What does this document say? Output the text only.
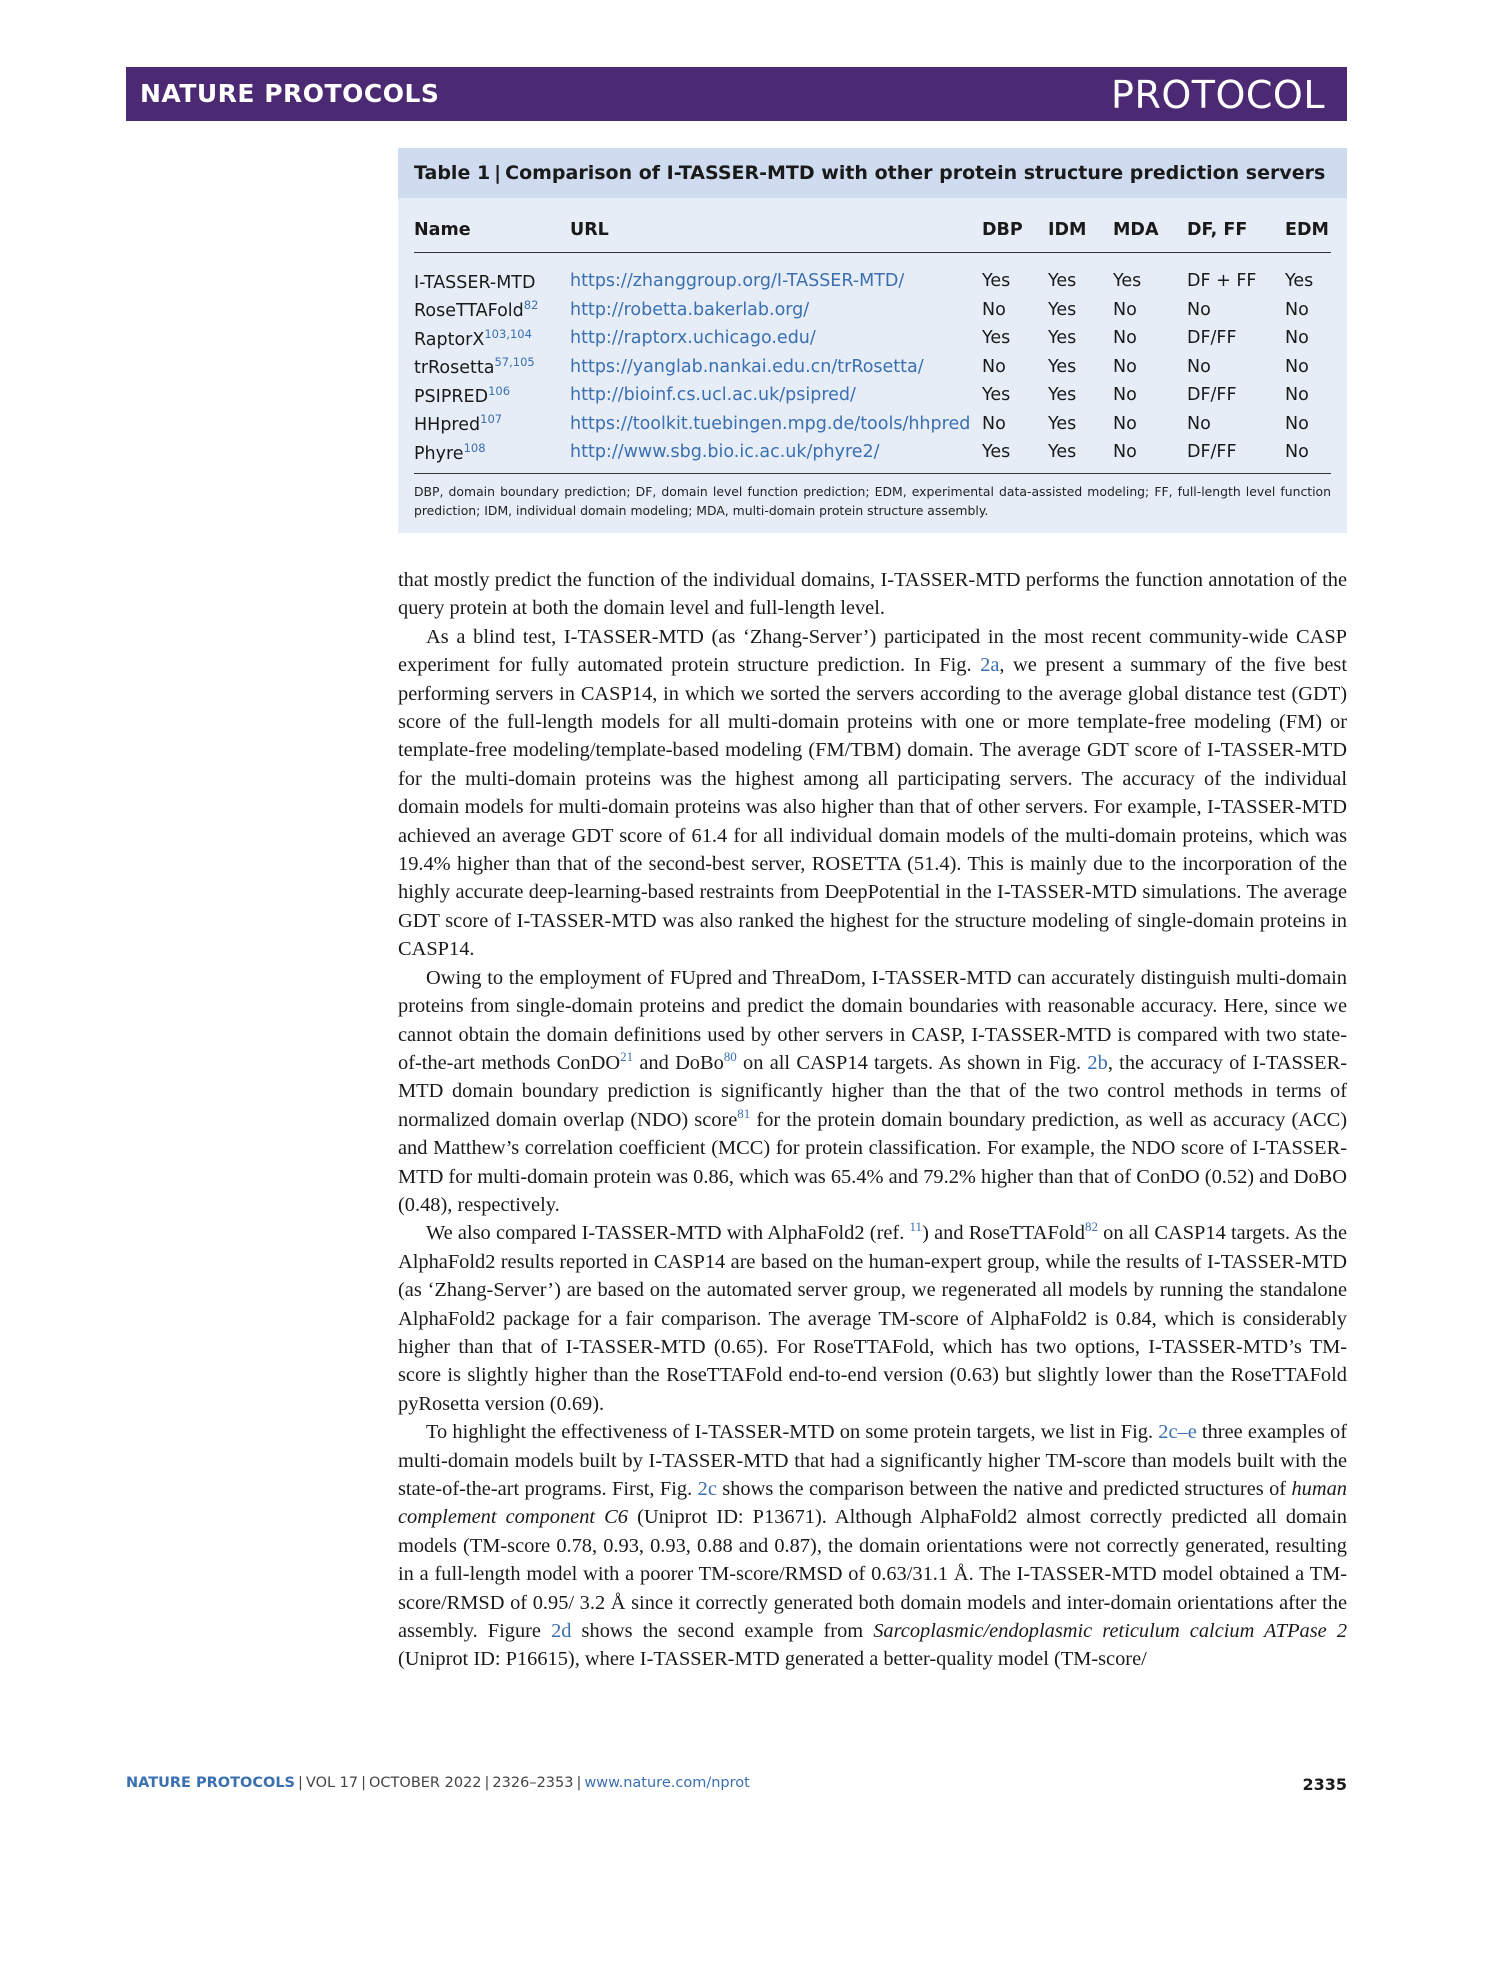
NATURE PROTOCOLS	PROTOCOL
Table 1 | Comparison of I-TASSER-MTD with other protein structure prediction servers
Name	URL	DBP	IDM	MDA	DF, FF	EDM
I-TASSER-MTD	https://zhanggroup.org/I-TASSER-MTD/	Yes	Yes	Yes	DF + FF	Yes
RoseTTAFold$^{82}$	http://robetta.bakerlab.org/	No	Yes	No	No	No
RaptorX$^{103,104}$	http://raptorx.uchicago.edu/	Yes	Yes	No	DF/FF	No
trRosetta$^{57,105}$	https://yanglab.nankai.edu.cn/trRosetta/	No	Yes	No	No	No
PSIPRED$^{106}$	http://bioinf.cs.ucl.ac.uk/psipred/	Yes	Yes	No	DF/FF	No
HHpred$^{107}$	https://toolkit.tuebingen.mpg.de/tools/hhpred	No	Yes	No	No	No
Phyre$^{108}$	http://www.sbg.bio.ic.ac.uk/phyre2/	Yes	Yes	No	DF/FF	No
DBP, domain boundary prediction; DF, domain level function prediction; EDM, experimental data-assisted modeling; FF, full-length level function prediction; IDM, individual domain modeling; MDA, multi-domain protein structure assembly.

that mostly predict the function of the individual domains, I-TASSER-MTD performs the function annotation of the query protein at both the domain level and full-length level.

As a blind test, I-TASSER-MTD (as ‘Zhang-Server’) participated in the most recent community-wide CASP experiment for fully automated protein structure prediction. In Fig. 2a, we present a summary of the five best performing servers in CASP14, in which we sorted the servers according to the average global distance test (GDT) score of the full-length models for all multi-domain proteins with one or more template-free modeling (FM) or template-free modeling/template-based modeling (FM/TBM) domain. The average GDT score of I-TASSER-MTD for the multi-domain proteins was the highest among all participating servers. The accuracy of the individual domain models for multi-domain proteins was also higher than that of other servers. For example, I-TASSER-MTD achieved an average GDT score of 61.4 for all individual domain models of the multi-domain proteins, which was 19.4% higher than that of the second-best server, ROSETTA (51.4). This is mainly due to the incorporation of the highly accurate deep-learning-based restraints from DeepPotential in the I-TASSER-MTD simulations. The average GDT score of I-TASSER-MTD was also ranked the highest for the structure modeling of single-domain proteins in CASP14.

Owing to the employment of FUpred and ThreaDom, I-TASSER-MTD can accurately distinguish multi-domain proteins from single-domain proteins and predict the domain boundaries with reasonable accuracy. Here, since we cannot obtain the domain definitions used by other servers in CASP, I-TASSER-MTD is compared with two state-of-the-art methods ConDO$^{21}$ and DoBo$^{80}$ on all CASP14 targets. As shown in Fig. 2b, the accuracy of I-TASSER-MTD domain boundary prediction is significantly higher than the that of the two control methods in terms of normalized domain overlap (NDO) score$^{81}$ for the protein domain boundary prediction, as well as accuracy (ACC) and Matthew’s correlation coefficient (MCC) for protein classification. For example, the NDO score of I-TASSER-MTD for multi-domain protein was 0.86, which was 65.4% and 79.2% higher than that of ConDO (0.52) and DoBO (0.48), respectively.

We also compared I-TASSER-MTD with AlphaFold2 (ref. $^{11}$) and RoseTTAFold$^{82}$ on all CASP14 targets. As the AlphaFold2 results reported in CASP14 are based on the human-expert group, while the results of I-TASSER-MTD (as ‘Zhang-Server’) are based on the automated server group, we regenerated all models by running the standalone AlphaFold2 package for a fair comparison. The average TM-score of AlphaFold2 is 0.84, which is considerably higher than that of I-TASSER-MTD (0.65). For RoseTTAFold, which has two options, I-TASSER-MTD’s TM-score is slightly higher than the RoseTTAFold end-to-end version (0.63) but slightly lower than the RoseTTAFold pyRosetta version (0.69).

To highlight the effectiveness of I-TASSER-MTD on some protein targets, we list in Fig. 2c–e three examples of multi-domain models built by I-TASSER-MTD that had a significantly higher TM-score than models built with the state-of-the-art programs. First, Fig. 2c shows the comparison between the native and predicted structures of human complement component C6 (Uniprot ID: P13671). Although AlphaFold2 almost correctly predicted all domain models (TM-score 0.78, 0.93, 0.93, 0.88 and 0.87), the domain orientations were not correctly generated, resulting in a full-length model with a poorer TM-score/RMSD of 0.63/31.1 Å. The I-TASSER-MTD model obtained a TM-score/RMSD of 0.95/ 3.2 Å since it correctly generated both domain models and inter-domain orientations after the assembly. Figure 2d shows the second example from Sarcoplasmic/endoplasmic reticulum calcium ATPase 2 (Uniprot ID: P16615), where I-TASSER-MTD generated a better-quality model (TM-score/

NATURE PROTOCOLS | VOL 17 | OCTOBER 2022 | 2326–2353 | www.nature.com/nprot	2335
